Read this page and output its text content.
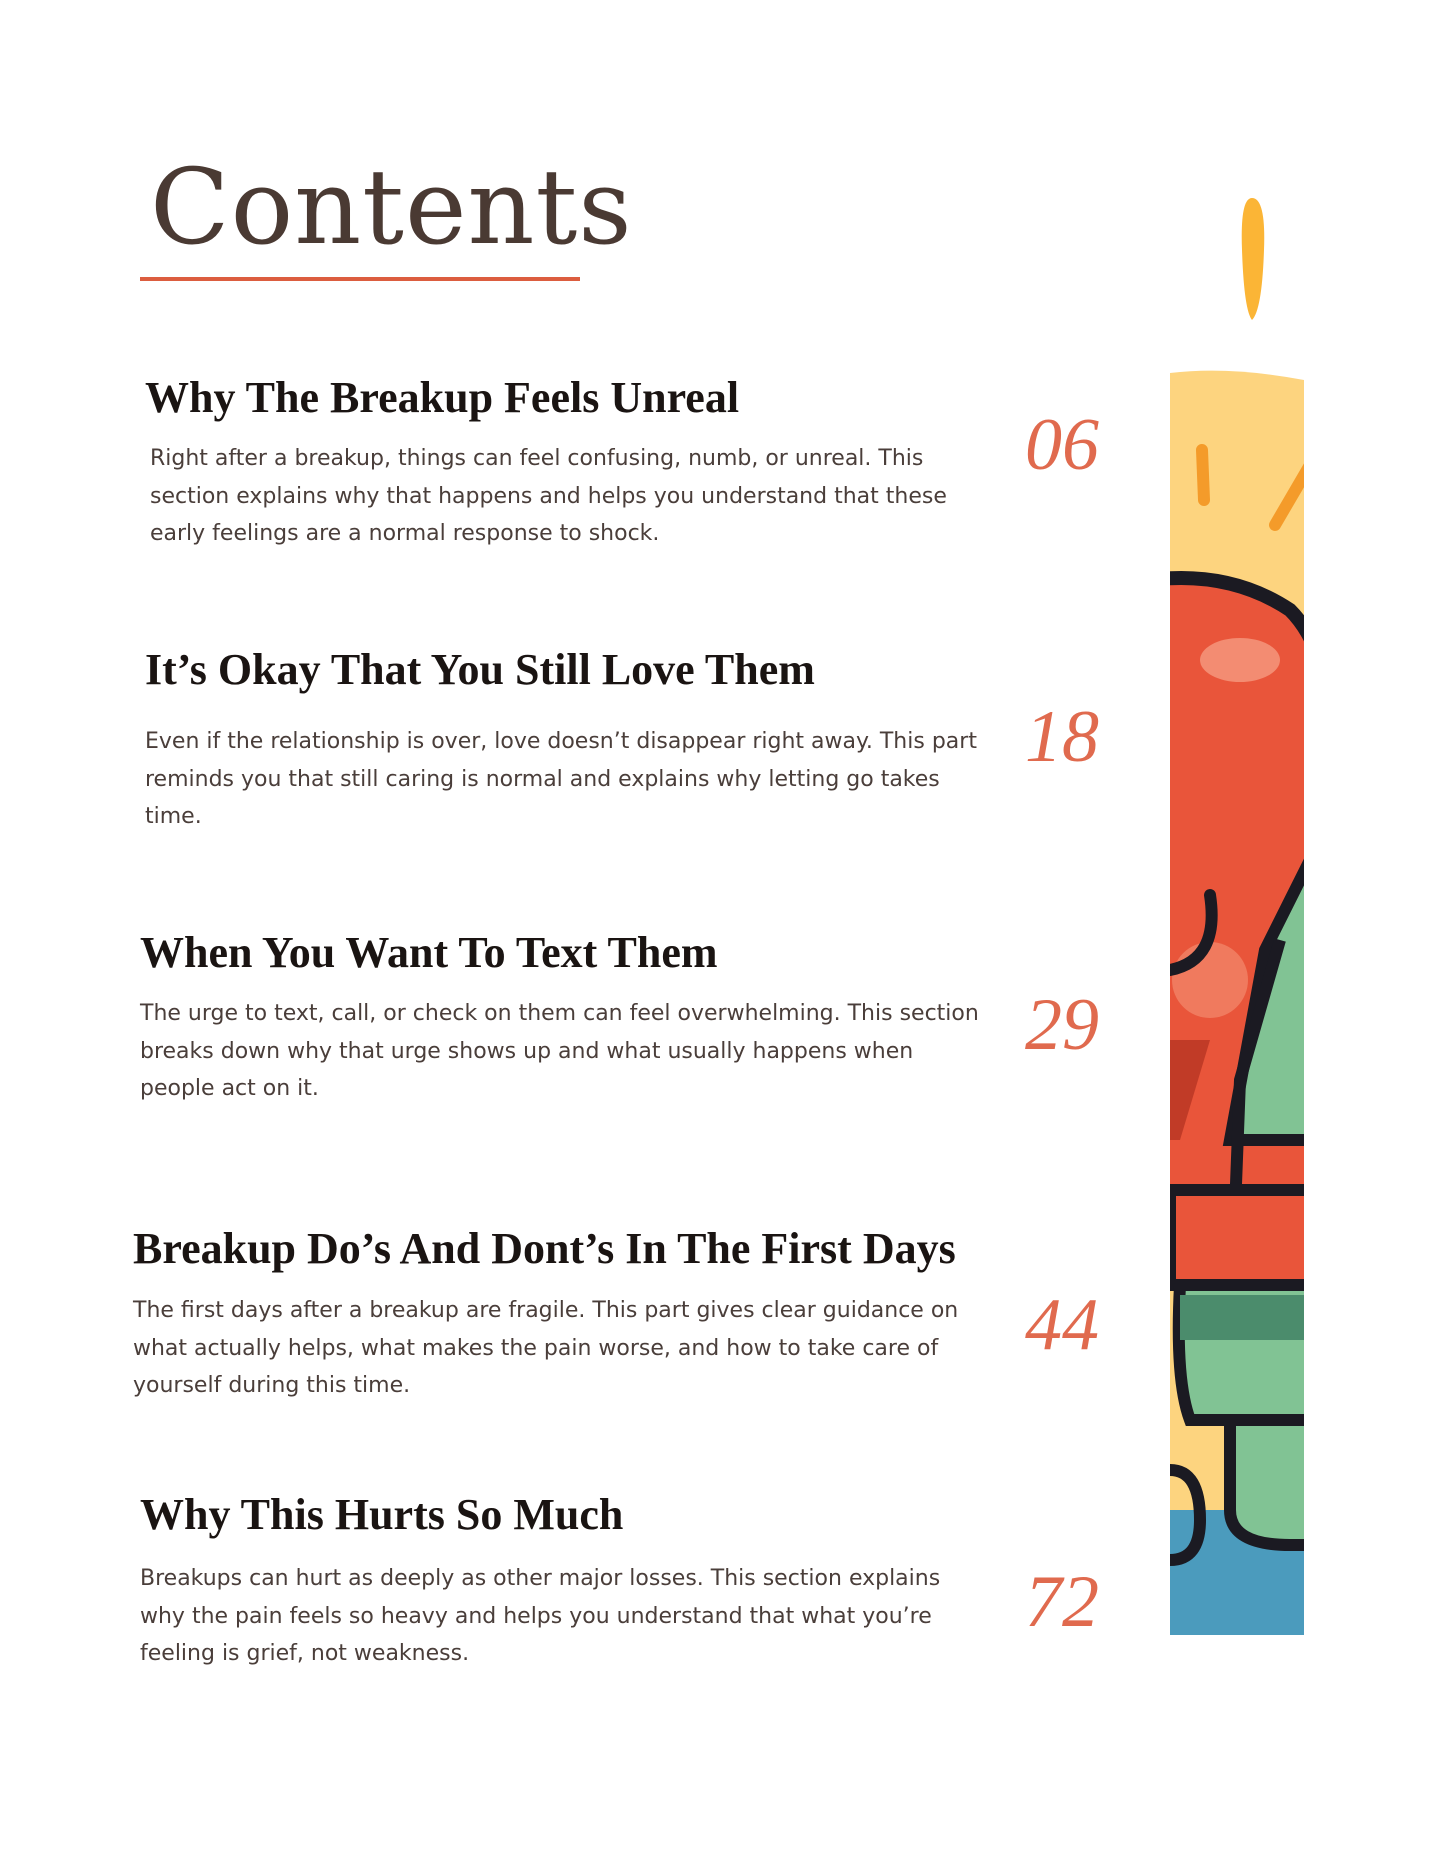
Contents
Why The Breakup Feels Unreal
Right after a breakup, things can feel confusing, numb, or unreal. This section explains why that happens and helps you understand that these early feelings are a normal response to shock.
06
It’s Okay That You Still Love Them
Even if the relationship is over, love doesn’t disappear right away. This part reminds you that still caring is normal and explains why letting go takes time.
18
When You Want To Text Them
The urge to text, call, or check on them can feel overwhelming. This section breaks down why that urge shows up and what usually happens when people act on it.
29
Breakup Do’s And Dont’s In The First Days
The first days after a breakup are fragile. This part gives clear guidance on what actually helps, what makes the pain worse, and how to take care of yourself during this time.
44
Why This Hurts So Much
Breakups can hurt as deeply as other major losses. This section explains why the pain feels so heavy and helps you understand that what you’re feeling is grief, not weakness.
72
